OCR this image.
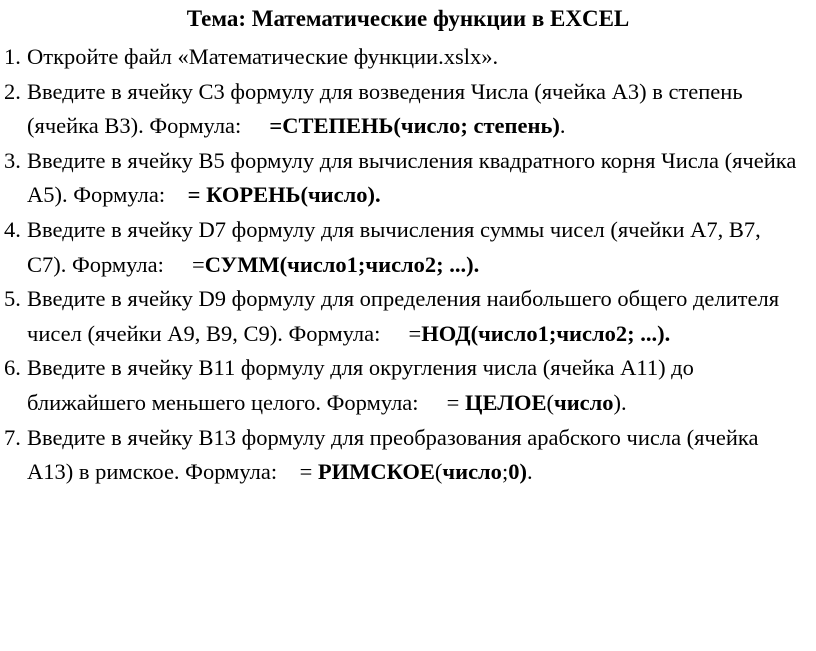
Тема: Математические функции в EXCEL
1. Откройте файл «Математические функции.xslx».
2. Введите в ячейку С3 формулу для возведения Числа (ячейка А3) в степень (ячейка В3). Формула: =СТЕПЕНЬ(число; степень).
3. Введите в ячейку В5 формулу для вычисления квадратного корня Числа (ячейка А5). Формула: = КОРЕНЬ(число).
4. Введите в ячейку D7 формулу для вычисления суммы чисел (ячейки А7, В7, С7). Формула: =СУММ(число1;число2; ...).
5. Введите в ячейку D9 формулу для определения наибольшего общего делителя чисел (ячейки А9, В9, С9). Формула: =НОД(число1;число2; ...).
6. Введите в ячейку В11 формулу для округления числа (ячейка А11) до ближайшего меньшего целого. Формула: = ЦЕЛОЕ(число).
7. Введите в ячейку В13 формулу для преобразования арабского числа (ячейка А13) в римское. Формула: = РИМСКОЕ(число;0).
